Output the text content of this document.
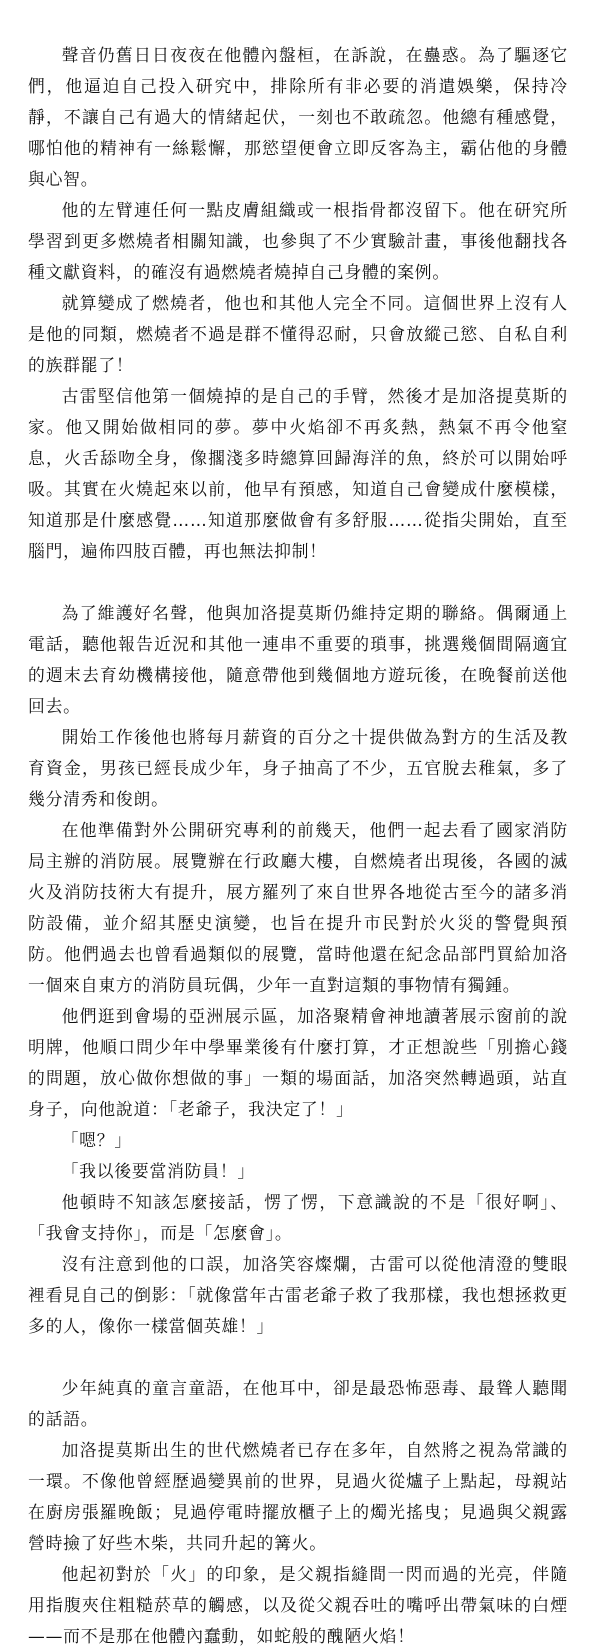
聲音仍舊日日夜夜在他體內盤桓，在訴說，在蠱惑。為了驅逐它們，他逼迫自己投入研究中，排除所有非必要的消遣娛樂，保持冷靜，不讓自己有過大的情緒起伏，一刻也不敢疏忽。他總有種感覺，哪怕他的精神有一絲鬆懈，那慾望便會立即反客為主，霸佔他的身體與心智。

他的左臂連任何一點皮膚組織或一根指骨都沒留下。他在研究所學習到更多燃燒者相關知識，也參與了不少實驗計畫，事後他翻找各種文獻資料，的確沒有過燃燒者燒掉自己身體的案例。

就算變成了燃燒者，他也和其他人完全不同。這個世界上沒有人是他的同類，燃燒者不過是群不懂得忍耐，只會放縱己慾、自私自利的族群罷了！

古雷堅信他第一個燒掉的是自己的手臂，然後才是加洛提莫斯的家。他又開始做相同的夢。夢中火焰卻不再炙熱，熱氣不再令他窒息，火舌舔吻全身，像擱淺多時總算回歸海洋的魚，終於可以開始呼吸。其實在火燒起來以前，他早有預感，知道自己會變成什麼模樣，知道那是什麼感覺……知道那麼做會有多舒服……從指尖開始，直至腦門，遍佈四肢百體，再也無法抑制！

為了維護好名聲，他與加洛提莫斯仍維持定期的聯絡。偶爾通上電話，聽他報告近況和其他一連串不重要的瑣事，挑選幾個間隔適宜的週末去育幼機構接他，隨意帶他到幾個地方遊玩後，在晚餐前送他回去。

開始工作後他也將每月薪資的百分之十提供做為對方的生活及教育資金，男孩已經長成少年，身子抽高了不少，五官脫去稚氣，多了幾分清秀和俊朗。

在他準備對外公開研究專利的前幾天，他們一起去看了國家消防局主辦的消防展。展覽辦在行政廳大樓，自燃燒者出現後，各國的滅火及消防技術大有提升，展方羅列了來自世界各地從古至今的諸多消防設備，並介紹其歷史演變，也旨在提升市民對於火災的警覺與預防。他們過去也曾看過類似的展覽，當時他還在紀念品部門買給加洛一個來自東方的消防員玩偶，少年一直對這類的事物情有獨鍾。

他們逛到會場的亞洲展示區，加洛聚精會神地讀著展示窗前的說明牌，他順口問少年中學畢業後有什麼打算，才正想說些「別擔心錢的問題，放心做你想做的事」一類的場面話，加洛突然轉過頭，站直身子，向他說道：「老爺子，我決定了！」

「嗯？」

「我以後要當消防員！」

他頓時不知該怎麼接話，愣了愣，下意識說的不是「很好啊」、「我會支持你」，而是「怎麼會」。

沒有注意到他的口誤，加洛笑容燦爛，古雷可以從他清澄的雙眼裡看見自己的倒影：「就像當年古雷老爺子救了我那樣，我也想拯救更多的人，像你一樣當個英雄！」

少年純真的童言童語，在他耳中，卻是最恐怖惡毒、最聳人聽聞的話語。

加洛提莫斯出生的世代燃燒者已存在多年，自然將之視為常識的一環。不像他曾經歷過變異前的世界，見過火從爐子上點起，母親站在廚房張羅晚飯；見過停電時擺放櫃子上的燭光搖曳；見過與父親露營時撿了好些木柴，共同升起的篝火。

他起初對於「火」的印象，是父親指縫間一閃而過的光亮，伴隨用指腹夾住粗糙菸草的觸感，以及從父親吞吐的嘴呼出帶氣味的白煙——而不是那在他體內蠢動，如蛇般的醜陋火焰！
